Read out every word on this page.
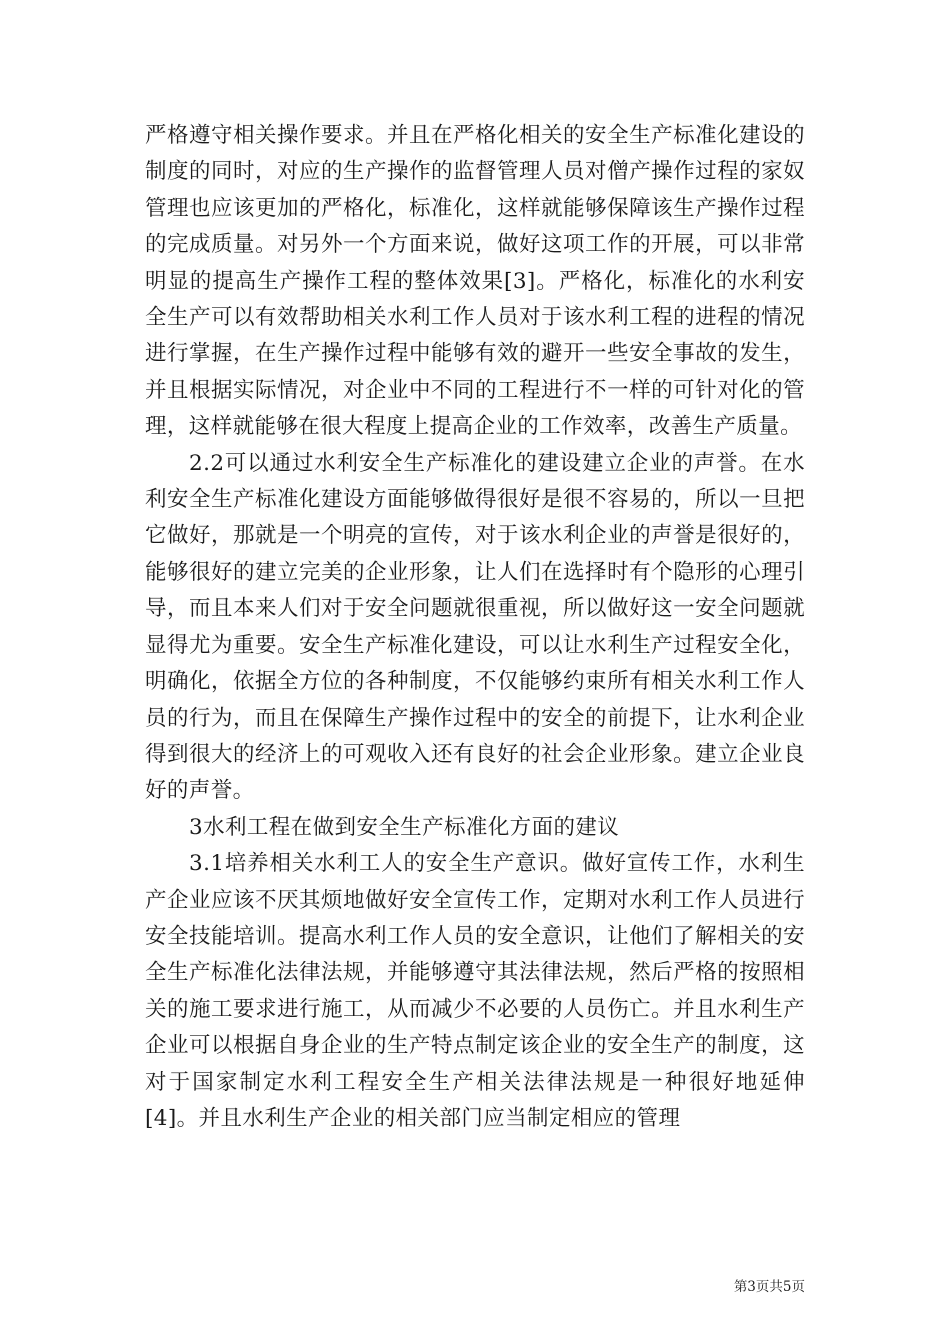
严格遵守相关操作要求。并且在严格化相关的安全生产标准化建设的制度的同时，对应的生产操作的监督管理人员对僧产操作过程的家奴管理也应该更加的严格化，标准化，这样就能够保障该生产操作过程的完成质量。对另外一个方面来说，做好这项工作的开展，可以非常明显的提高生产操作工程的整体效果[3]。严格化，标准化的水利安全生产可以有效帮助相关水利工作人员对于该水利工程的进程的情况进行掌握，在生产操作过程中能够有效的避开一些安全事故的发生，并且根据实际情况，对企业中不同的工程进行不一样的可针对化的管理，这样就能够在很大程度上提高企业的工作效率，改善生产质量。

2.2可以通过水利安全生产标准化的建设建立企业的声誉。在水利安全生产标准化建设方面能够做得很好是很不容易的，所以一旦把它做好，那就是一个明亮的宣传，对于该水利企业的声誉是很好的，能够很好的建立完美的企业形象，让人们在选择时有个隐形的心理引导，而且本来人们对于安全问题就很重视，所以做好这一安全问题就显得尤为重要。安全生产标准化建设，可以让水利生产过程安全化，明确化，依据全方位的各种制度，不仅能够约束所有相关水利工作人员的行为，而且在保障生产操作过程中的安全的前提下，让水利企业得到很大的经济上的可观收入还有良好的社会企业形象。建立企业良好的声誉。

3水利工程在做到安全生产标准化方面的建议

3.1培养相关水利工人的安全生产意识。做好宣传工作，水利生产企业应该不厌其烦地做好安全宣传工作，定期对水利工作人员进行安全技能培训。提高水利工作人员的安全意识，让他们了解相关的安全生产标准化法律法规，并能够遵守其法律法规，然后严格的按照相关的施工要求进行施工，从而减少不必要的人员伤亡。并且水利生产企业可以根据自身企业的生产特点制定该企业的安全生产的制度，这对于国家制定水利工程安全生产相关法律法规是一种很好地延伸[4]。并且水利生产企业的相关部门应当制定相应的管理

第3页共5页
